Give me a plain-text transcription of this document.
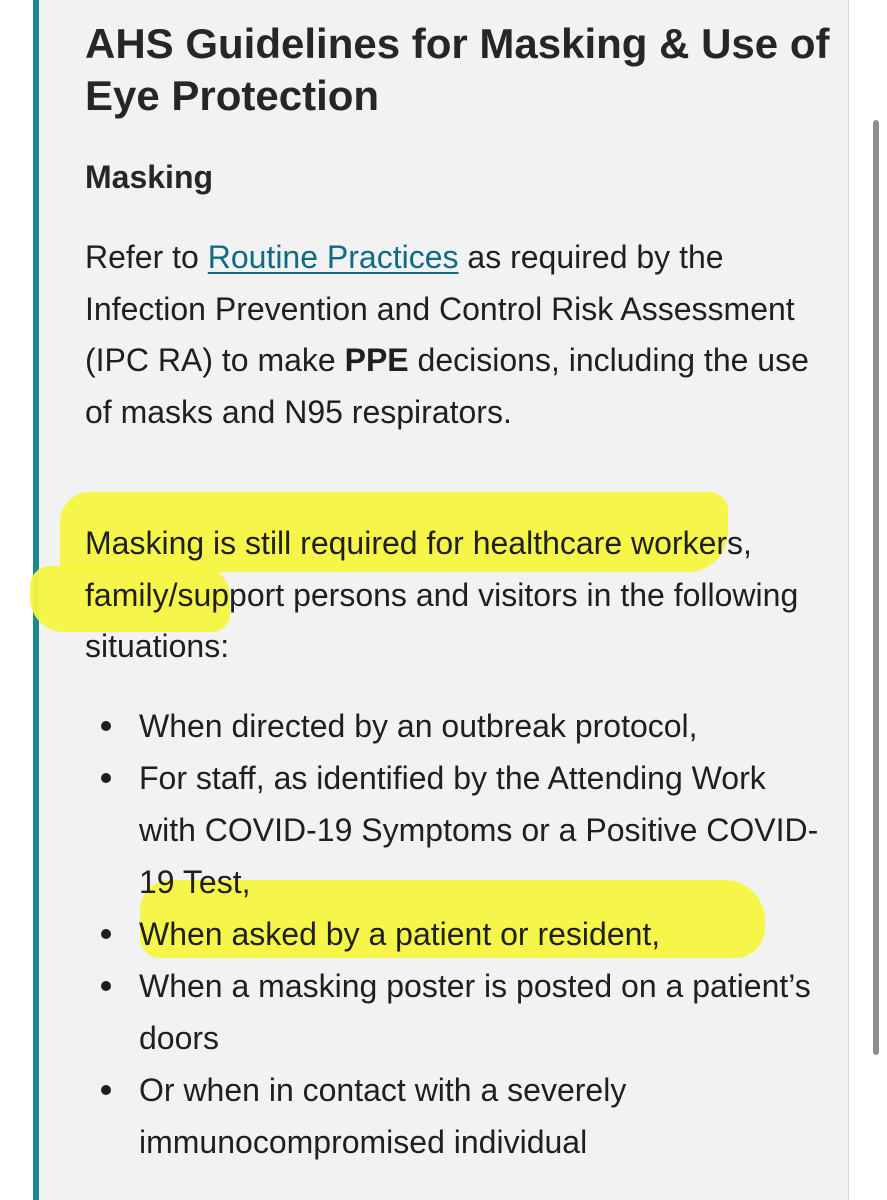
AHS Guidelines for Masking & Use of Eye Protection
Masking

Refer to Routine Practices as required by the Infection Prevention and Control Risk Assessment (IPC RA) to make PPE decisions, including the use of masks and N95 respirators.

Masking is still required for healthcare workers, family/support persons and visitors in the following situations:

When directed by an outbreak protocol,
For staff, as identified by the Attending Work with COVID-19 Symptoms or a Positive COVID-19 Test,
When asked by a patient or resident,
When a masking poster is posted on a patient’s doors
Or when in contact with a severely immunocompromised individual
